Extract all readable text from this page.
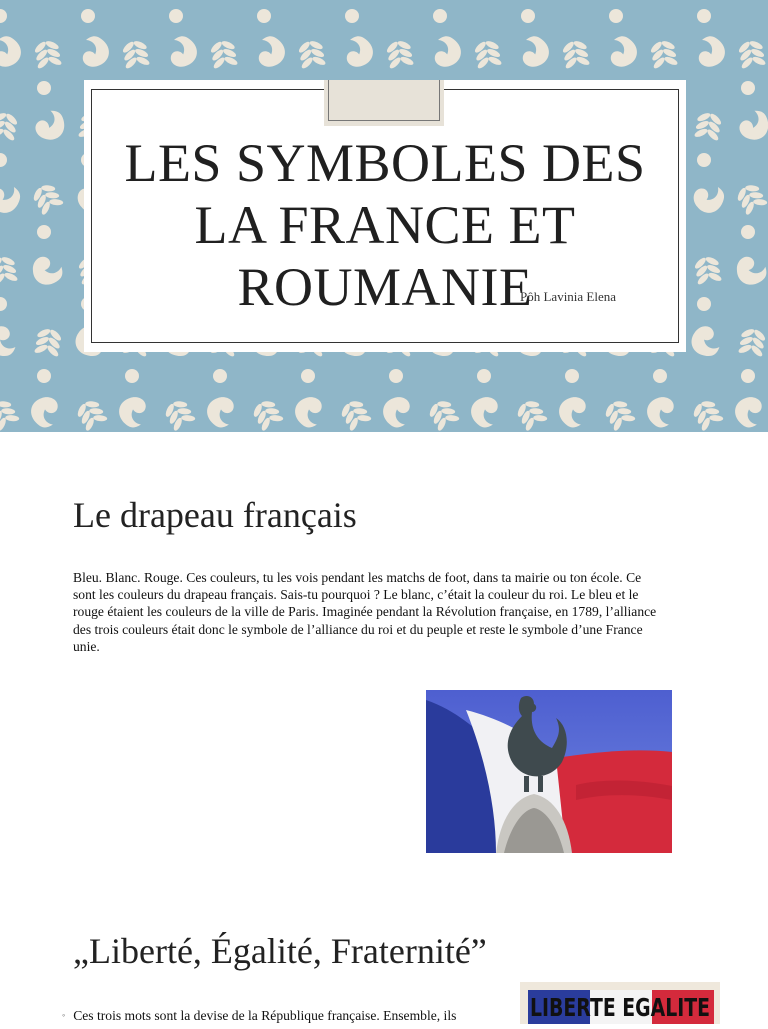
LES SYMBOLES DES
LA FRANCE ET
ROUMANIE
Pôh Lavinia Elena
Le drapeau français
Bleu. Blanc. Rouge. Ces couleurs, tu les vois pendant les matchs de foot, dans ta mairie ou ton école. Ce
sont les couleurs du drapeau français. Sais-tu pourquoi ? Le blanc, c’était la couleur du roi. Le bleu et le
rouge étaient les couleurs de la ville de Paris. Imaginée pendant la Révolution française, en 1789, l’alliance
des trois couleurs était donc le symbole de l’alliance du roi et du peuple et reste le symbole d’une France
unie.
„Liberté, Égalité, Fraternité”
◦ Ces trois mots sont la devise de la République française. Ensemble, ils	LIBERTE EGALITE
